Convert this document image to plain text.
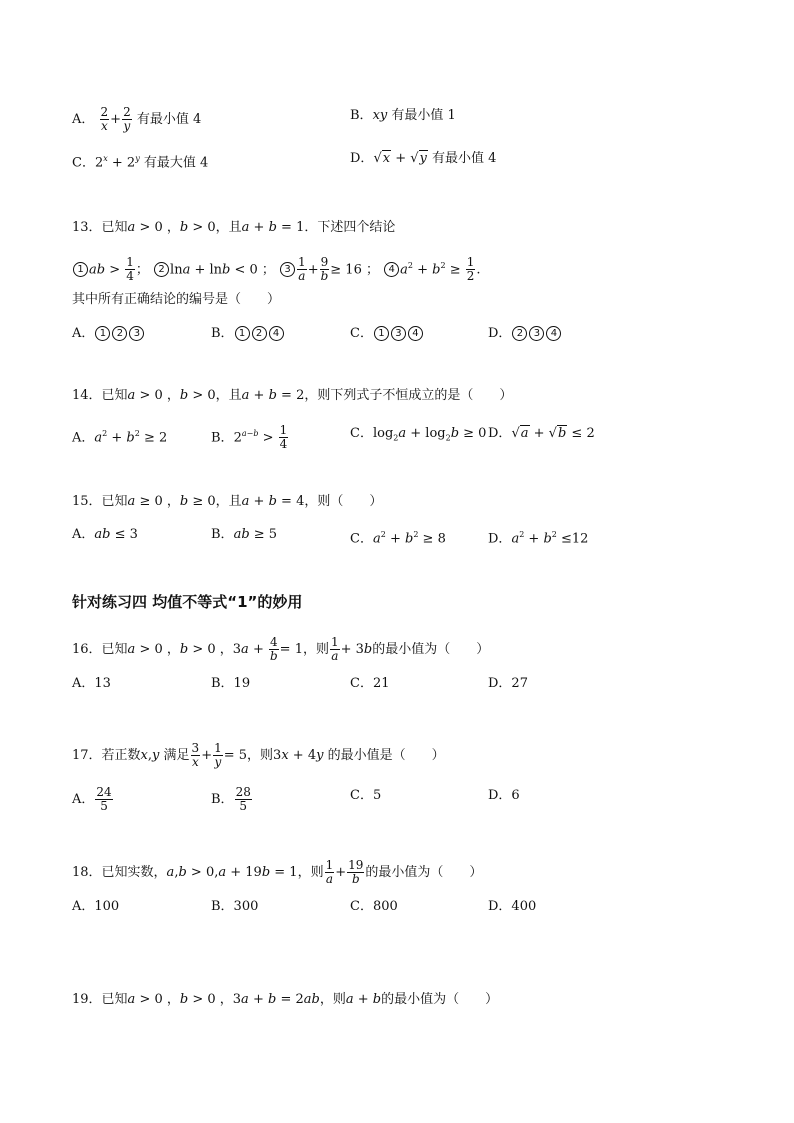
A． $\frac{2}{x} + \frac{2}{y}$ 有最小值 4	B．xy 有最小值 1
C．$2^x + 2^y$ 有最大值 4	D．√x + √y 有最小值 4
13．已知a > 0 ，b > 0，且a + b = 1．下述四个结论
1 ab > $\frac{1}{4}$ ； 2 lna + lnb < 0 ； $3 \frac{1}{a} + \frac{9}{b} \ge 16$ ； 4 $a^2 + b^2 \ge \frac{1}{2}$ .
其中所有正确结论的编号是（　　）
A． 1 2 3	B． 1 2 4	C． 1 3 4	D． 2 3 4
14．已知a > 0 ，b > 0，且a + b = 2，则下列式子不恒成立的是（　　）
A．$a^2 + b^2 \ge 2$	B．$2^{a-b} > \frac{1}{4}$	C．$\log_2a + \log_2b \ge 0$ D．√a + √b ≤ 2
15．已知a ≥ 0 ，b ≥ 0，且a + b = 4，则（　　）
A．ab ≤ 3	B．ab ≥ 5	C．$a^2 + b^2 \ge 8$	D．$a^2 + b^2 \le 12$
针对练习四 均值不等式“1”的妙用
16．已知a > 0 ，b > 0 ，$3a + \frac{4}{b} = 1$，则 $\frac{1}{a} + 3b$的最小值为（　　）
A．13	B．19	C．21	D．27
17．若正数x,y 满足 $\frac{3}{x} + \frac{1}{y} = 5$，则3x + 4y 的最小值是（　　）
A． $\frac{24}{5}$	B． $\frac{28}{5}$	C．5	D．6
18．已知实数，a,b > 0,a + 19b = 1，则 $\frac{1}{a} + \frac{19}{b}$ 的最小值为（　　）
A．100	B．300	C．800	D．400
19．已知a > 0 ，b > 0 ，3a + b = 2ab，则a + b的最小值为（　　）
